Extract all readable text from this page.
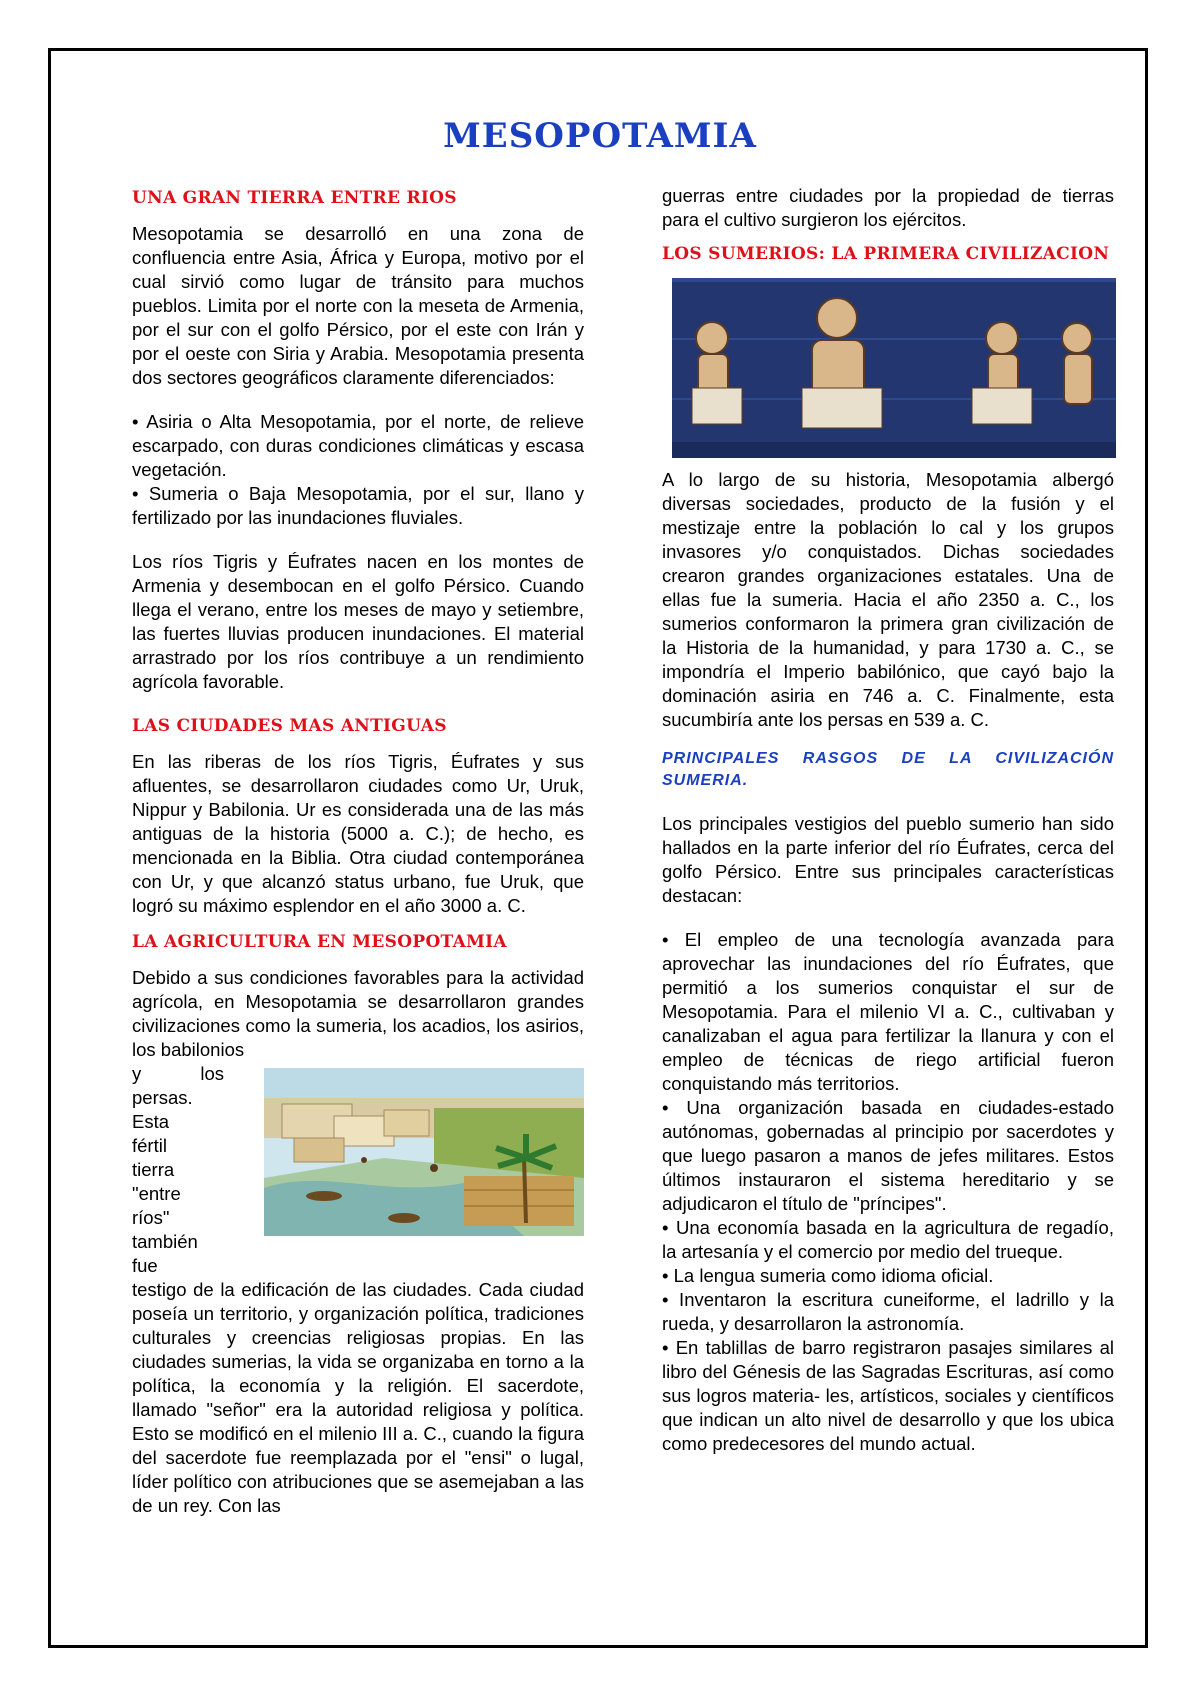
MESOPOTAMIA
UNA GRAN TIERRA ENTRE RIOS

Mesopotamia se desarrolló en una zona de confluencia entre Asia, África y Europa, motivo por el cual sirvió como lugar de tránsito para muchos pueblos. Limita por el norte con la meseta de Armenia, por el sur con el golfo Pérsico, por el este con Irán y por el oeste con Siria y Arabia. Mesopotamia presenta dos sectores geográficos claramente diferenciados:

• Asiria o Alta Mesopotamia, por el norte, de relieve escarpado, con duras condiciones climáticas y escasa vegetación.

• Sumeria o Baja Mesopotamia, por el sur, llano y fertilizado por las inundaciones fluviales.

Los ríos Tigris y Éufrates nacen en los montes de Armenia y desembocan en el golfo Pérsico. Cuando llega el verano, entre los meses de mayo y setiembre, las fuertes lluvias producen inundaciones. El material arrastrado por los ríos contribuye a un rendimiento agrícola favorable.

LAS CIUDADES MAS ANTIGUAS

En las riberas de los ríos Tigris, Éufrates y sus afluentes, se desarrollaron ciudades como Ur, Uruk, Nippur y Babilonia. Ur es considerada una de las más antiguas de la historia (5000 a. C.); de hecho, es mencionada en la Biblia. Otra ciudad contemporánea con Ur, y que alcanzó status urbano, fue Uruk, que logró su máximo esplendor en el año 3000 a. C.

LA AGRICULTURA EN MESOPOTAMIA

Debido a sus condiciones favorables para la actividad agrícola, en Mesopotamia se desarrollaron grandes civilizaciones como la sumeria, los acadios, los asirios, los babilonios

y los

persas.

Esta

fértil

tierra

"entre

ríos"

también

fue

testigo de la edificación de las ciudades. Cada ciudad poseía un territorio, y organización política, tradiciones culturales y creencias religiosas propias. En las ciudades sumerias, la vida se organizaba en torno a la política, la economía y la religión. El sacerdote, llamado "señor" era la autoridad religiosa y política. Esto se modificó en el milenio III a. C., cuando la figura del sacerdote fue reemplazada por el "ensi" o lugal, líder político con atribuciones que se asemejaban a las de un rey. Con las

guerras entre ciudades por la propiedad de tierras para el cultivo surgieron los ejércitos.

LOS SUMERIOS: LA PRIMERA CIVILIZACION

A lo largo de su historia, Mesopotamia albergó diversas sociedades, producto de la fusión y el mestizaje entre la población lo cal y los grupos invasores y/o conquistados. Dichas sociedades crearon grandes organizaciones estatales. Una de ellas fue la sumeria. Hacia el año 2350 a. C., los sumerios conformaron la primera gran civilización de la Historia de la humanidad, y para 1730 a. C., se impondría el Imperio babilónico, que cayó bajo la dominación asiria en 746 a. C. Finalmente, esta sucumbiría ante los persas en 539 a. C.

PRINCIPALES RASGOS DE LA CIVILIZACIÓN SUMERIA.

Los principales vestigios del pueblo sumerio han sido hallados en la parte inferior del río Éufrates, cerca del golfo Pérsico. Entre sus principales características destacan:

• El empleo de una tecnología avanzada para aprovechar las inundaciones del río Éufrates, que permitió a los sumerios conquistar el sur de Mesopotamia. Para el milenio VI a. C., cultivaban y canalizaban el agua para fertilizar la llanura y con el empleo de técnicas de riego artificial fueron conquistando más territorios.
• Una organización basada en ciudades-estado autónomas, gobernadas al principio por sacerdotes y que luego pasaron a manos de jefes militares. Estos últimos instauraron el sistema hereditario y se adjudicaron el título de "príncipes".
• Una economía basada en la agricultura de regadío, la artesanía y el comercio por medio del trueque.
• La lengua sumeria como idioma oficial.
• Inventaron la escritura cuneiforme, el ladrillo y la rueda, y desarrollaron la astronomía.
• En tablillas de barro registraron pasajes similares al libro del Génesis de las Sagradas Escrituras, así como sus logros materia- les, artísticos, sociales y científicos que indican un alto nivel de desarrollo y que los ubica como predecesores del mundo actual.
